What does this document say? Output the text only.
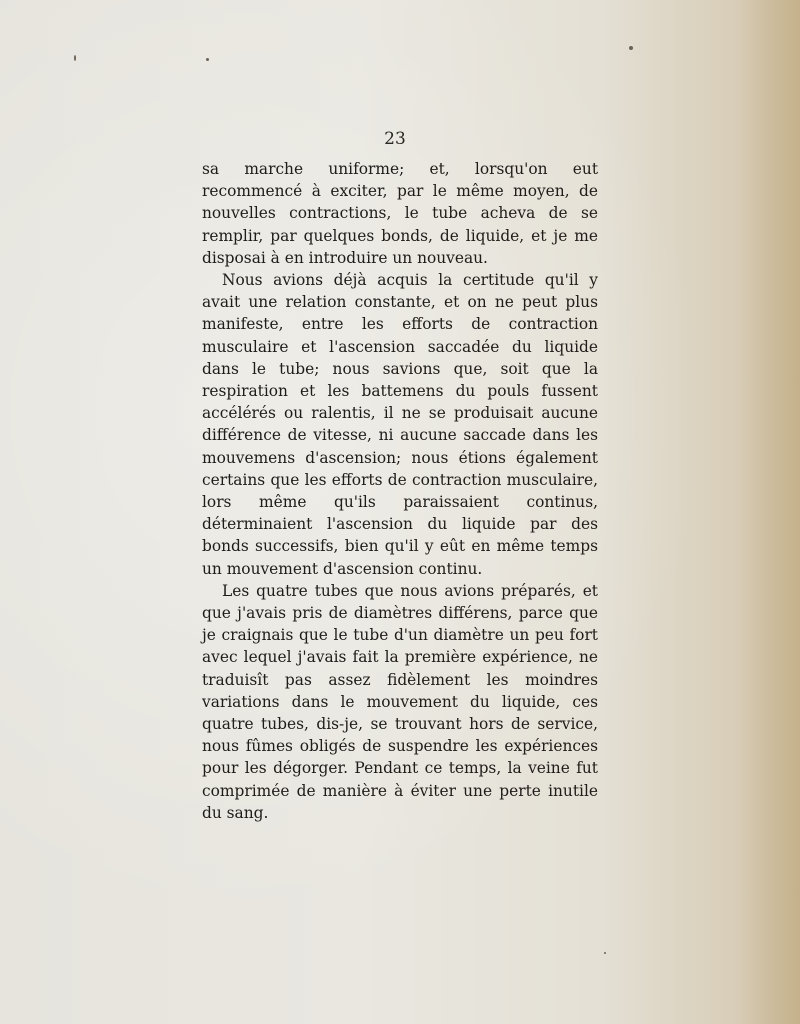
23

sa marche uniforme; et, lorsqu'on eut recommencé à exciter, par le même moyen, de nouvelles contractions, le tube acheva de se remplir, par quelques bonds, de liquide, et je me disposai à en introduire un nouveau.

Nous avions déjà acquis la certitude qu'il y avait une relation constante, et on ne peut plus manifeste, entre les efforts de contraction musculaire et l'ascension saccadée du liquide dans le tube; nous savions que, soit que la respiration et les battemens du pouls fussent accélérés ou ralentis, il ne se produisait aucune différence de vitesse, ni aucune saccade dans les mouvemens d'ascension; nous étions également certains que les efforts de contraction musculaire, lors même qu'ils paraissaient continus, déterminaient l'ascension du liquide par des bonds successifs, bien qu'il y eût en même temps un mouvement d'ascension continu.

Les quatre tubes que nous avions préparés, et que j'avais pris de diamètres différens, parce que je craignais que le tube d'un diamètre un peu fort avec lequel j'avais fait la première expérience, ne traduisît pas assez fidèlement les moindres variations dans le mouvement du liquide, ces quatre tubes, dis-je, se trouvant hors de service, nous fûmes obligés de suspendre les expériences pour les dégorger. Pendant ce temps, la veine fut comprimée de manière à éviter une perte inutile du sang.
